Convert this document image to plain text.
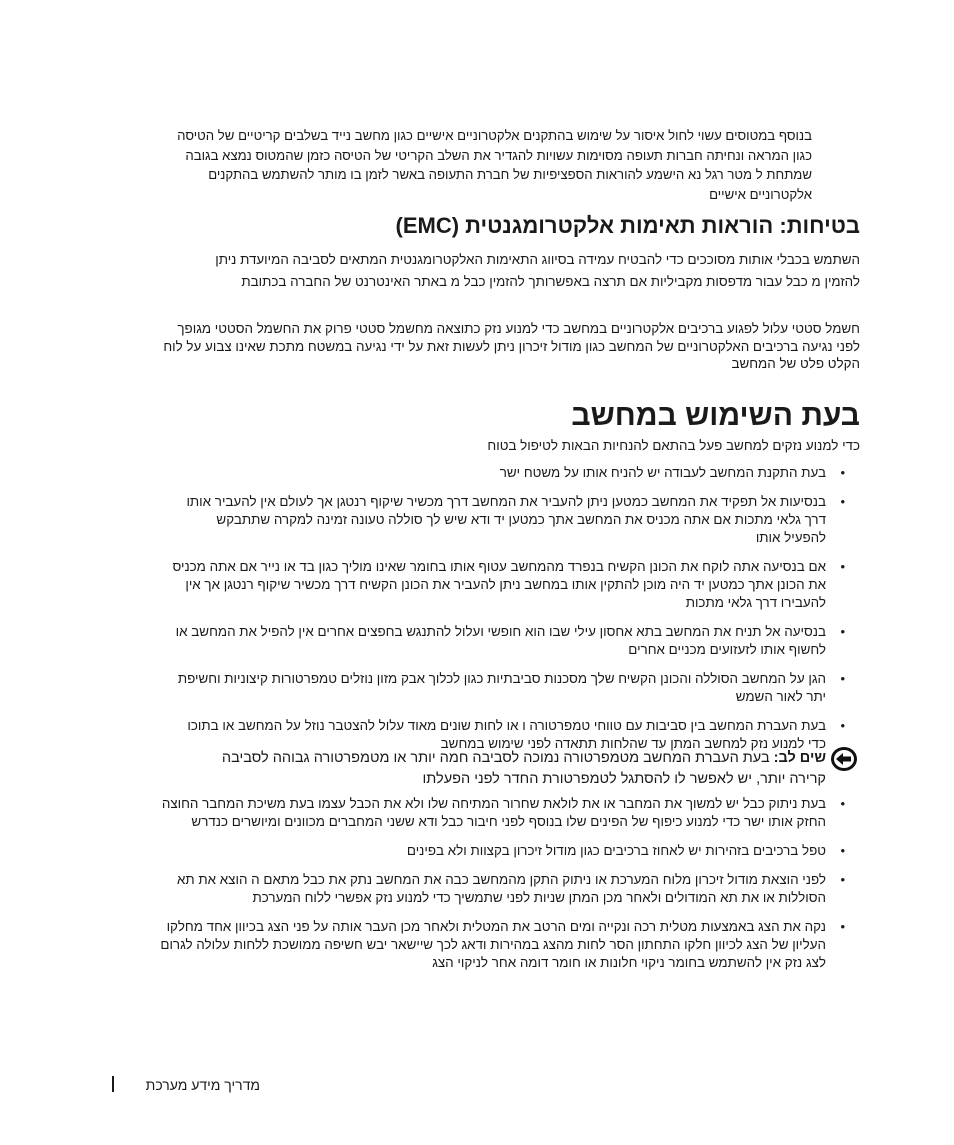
בנוסף במטוסים עשוי לחול איסור על שימוש בהתקנים אלקטרוניים אישיים כגון מחשב נייד בשלבים קריטיים של הטיסה כגון המראה ונחיתה חברות תעופה מסוימות עשויות להגדיר את השלב הקריטי של הטיסה כזמן שהמטוס נמצא בגובה שמתחת ל מטר רגל נא הישמע להוראות הספציפיות של חברת התעופה באשר לזמן בו מותר להשתמש בהתקנים אלקטרוניים אישיים

בטיחות: הוראות תאימות אלקטרומגנטית (EMC)

השתמש בכבלי אותות מסוככים כדי להבטיח עמידה בסיווג התאימות האלקטרומגנטית המתאים לסביבה המיועדת ניתן להזמין מ כבל עבור מדפסות מקביליות אם תרצה באפשרותך להזמין כבל מ באתר האינטרנט של החברה בכתובת

חשמל סטטי עלול לפגוע ברכיבים אלקטרוניים במחשב כדי למנוע נזק כתוצאה מחשמל סטטי פרוק את החשמל הסטטי מגופך לפני נגיעה ברכיבים האלקטרוניים של המחשב כגון מודול זיכרון ניתן לעשות זאת על ידי נגיעה במשטח מתכת שאינו צבוע על לוח הקלט פלט של המחשב

בעת השימוש במחשב

כדי למנוע נזקים למחשב פעל בהתאם להנחיות הבאות לטיפול בטוח

• בעת התקנת המחשב לעבודה יש להניח אותו על משטח ישר
• בנסיעות אל תפקיד את המחשב כמטען ניתן להעביר את המחשב דרך מכשיר שיקוף רנטגן אך לעולם אין להעביר אותו דרך גלאי מתכות אם אתה מכניס את המחשב אתך כמטען יד ודא שיש לך סוללה טעונה זמינה למקרה שתתבקש להפעיל אותו
• אם בנסיעה אתה לוקח את הכונן הקשיח בנפרד מהמחשב עטוף אותו בחומר שאינו מוליך כגון בד או נייר אם אתה מכניס את הכונן אתך כמטען יד היה מוכן להתקין אותו במחשב ניתן להעביר את הכונן הקשיח דרך מכשיר שיקוף רנטגן אך אין להעבירו דרך גלאי מתכות
• בנסיעה אל תניח את המחשב בתא אחסון עילי שבו הוא חופשי ועלול להתנגש בחפצים אחרים אין להפיל את המחשב או לחשוף אותו לזעזועים מכניים אחרים
• הגן על המחשב הסוללה והכונן הקשיח שלך מסכנות סביבתיות כגון לכלוך אבק מזון נוזלים טמפרטורות קיצוניות וחשיפת יתר לאור השמש
• בעת העברת המחשב בין סביבות עם טווחי טמפרטורה ו או לחות שונים מאוד עלול להצטבר נוזל על המחשב או בתוכו כדי למנוע נזק למחשב המתן עד שהלחות תתאדה לפני שימוש במחשב
שים לב: בעת העברת המחשב מטמפרטורה נמוכה לסביבה חמה יותר או מטמפרטורה גבוהה לסביבה קרירה יותר, יש לאפשר לו להסתגל לטמפרטורת החדר לפני הפעלתו
• בעת ניתוק כבל יש למשוך את המחבר או את לולאת שחרור המתיחה שלו ולא את הכבל עצמו בעת משיכת המחבר החוצה החזק אותו ישר כדי למנוע כיפוף של הפינים שלו בנוסף לפני חיבור כבל ודא ששני המחברים מכוונים ומיושרים כנדרש
• טפל ברכיבים בזהירות יש לאחוז ברכיבים כגון מודול זיכרון בקצוות ולא בפינים
• לפני הוצאת מודול זיכרון מלוח המערכת או ניתוק התקן מהמחשב כבה את המחשב נתק את כבל מתאם ה הוצא את תא הסוללות או את תא המודולים ולאחר מכן המתן שניות לפני שתמשיך כדי למנוע נזק אפשרי ללוח המערכת
• נקה את הצג באמצעות מטלית רכה ונקייה ומים הרטב את המטלית ולאחר מכן העבר אותה על פני הצג בכיוון אחד מחלקו העליון של הצג לכיוון חלקו התחתון הסר לחות מהצג במהירות ודאג לכך שיישאר יבש חשיפה ממושכת ללחות עלולה לגרום לצג נזק אין להשתמש בחומר ניקוי חלונות או חומר דומה אחר לניקוי הצג
מדריך מידע מערכת
